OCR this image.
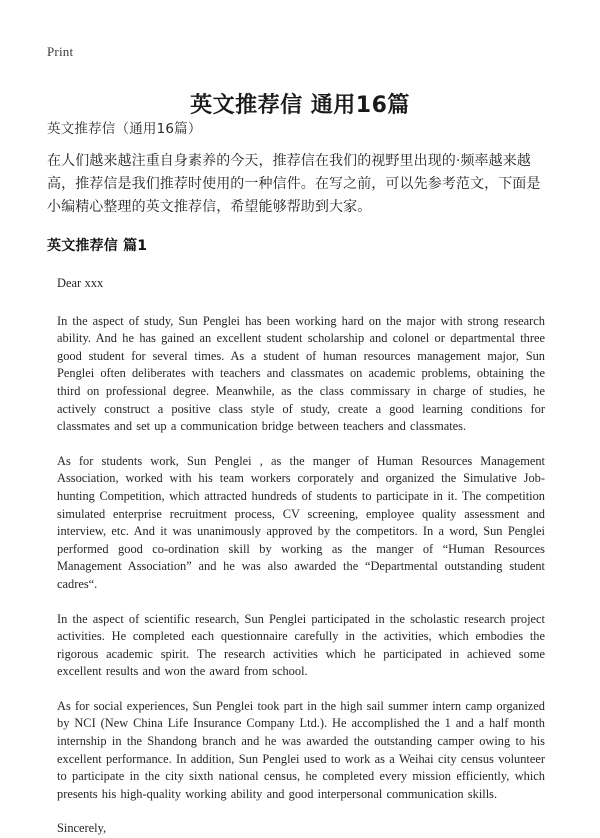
Print
英文推荐信 通用16篇
英文推荐信（通用16篇）
在人们越来越注重自身素养的今天，推荐信在我们的视野里出现的·频率越来越高，推荐信是我们推荐时使用的一种信件。在写之前，可以先参考范文，下面是小编精心整理的英文推荐信，希望能够帮助到大家。
英文推荐信 篇1

Dear xxx

In the aspect of study, Sun Penglei has been working hard on the major with strong research ability. And he has gained an excellent student scholarship and colonel or departmental three good student for several times. As a student of human resources management major, Sun Penglei often deliberates with teachers and classmates on academic problems, obtaining the third on professional degree. Meanwhile, as the class commissary in charge of studies, he actively construct a positive class style of study, create a good learning conditions for classmates and set up a communication bridge between teachers and classmates.

As for students work, Sun Penglei , as the manger of Human Resources Management Association, worked with his team workers corporately and organized the Simulative Job-hunting Competition, which attracted hundreds of students to participate in it. The competition simulated enterprise recruitment process, CV screening, employee quality assessment and interview, etc. And it was unanimously approved by the competitors. In a word, Sun Penglei performed good co-ordination skill by working as the manger of “Human Resources Management Association” and he was also awarded the “Departmental outstanding student cadres“.

In the aspect of scientific research, Sun Penglei participated in the scholastic research project activities. He completed each questionnaire carefully in the activities, which embodies the rigorous academic spirit. The research activities which he participated in achieved some excellent results and won the award from school.

As for social experiences, Sun Penglei took part in the high sail summer intern camp organized by NCI (New China Life Insurance Company Ltd.). He accomplished the 1 and a half month internship in the Shandong branch and he was awarded the outstanding camper owing to his excellent performance. In addition, Sun Penglei used to work as a Weihai city census volunteer to participate in the city sixth national census, he completed every mission efficiently, which presents his high-quality working ability and good interpersonal communication skills.

Sincerely,
